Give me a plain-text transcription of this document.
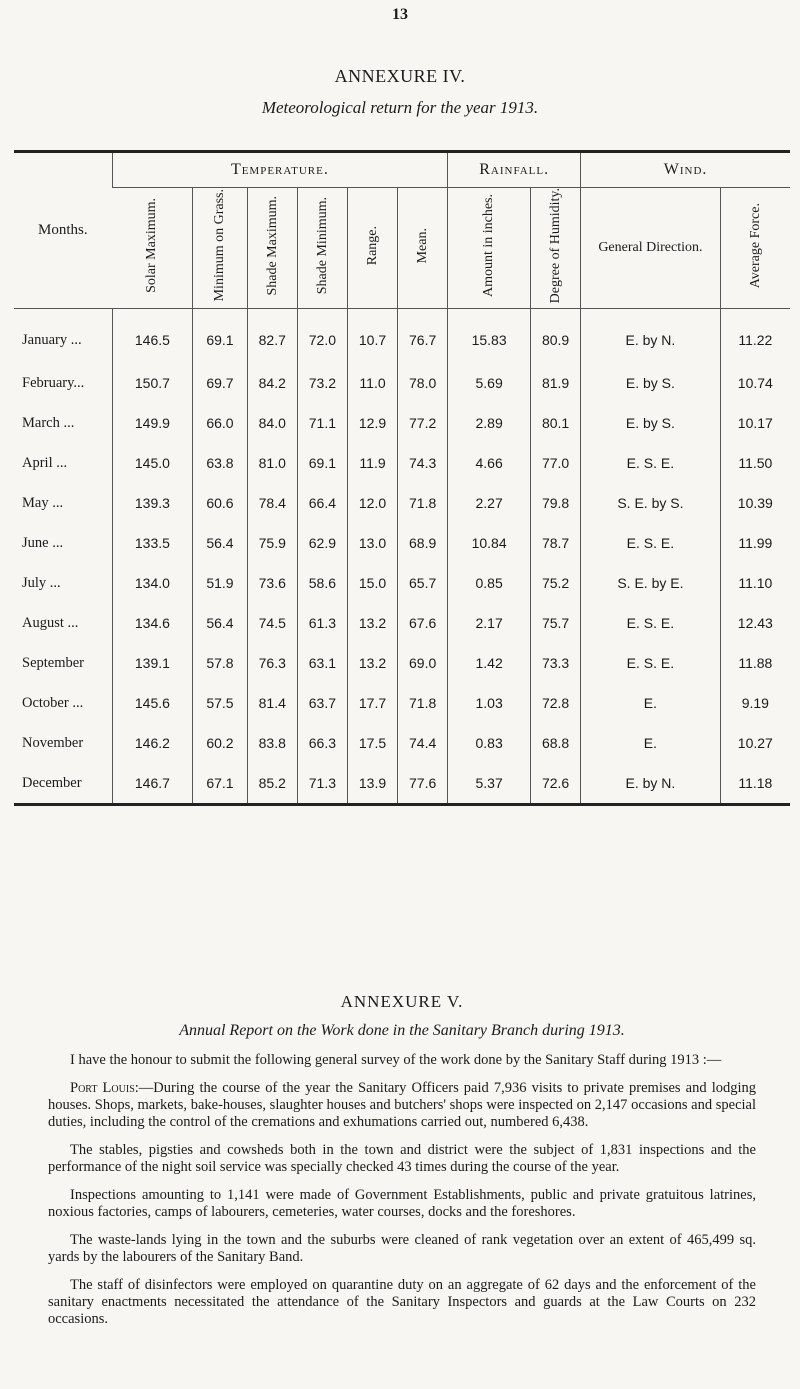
13
ANNEXURE IV.
Meteorological return for the year 1913.
Months.	Temperature.						Rainfall.		Wind.	
	Solar Maximum.	Minimum on Grass.	Shade Maximum.	Shade Minimum.	Range.	Mean.	Amount in inches.	Degree of Humidity.	General Direction.	Average Force.
January ...	146.5	69.1	82.7	72.0	10.7	76.7	15.83	80.9	E. by N.	11.22
February...	150.7	69.7	84.2	73.2	11.0	78.0	5.69	81.9	E. by S.	10.74
March ...	149.9	66.0	84.0	71.1	12.9	77.2	2.89	80.1	E. by S.	10.17
April ...	145.0	63.8	81.0	69.1	11.9	74.3	4.66	77.0	E. S. E.	11.50
May ...	139.3	60.6	78.4	66.4	12.0	71.8	2.27	79.8	S. E. by S.	10.39
June ...	133.5	56.4	75.9	62.9	13.0	68.9	10.84	78.7	E. S. E.	11.99
July ...	134.0	51.9	73.6	58.6	15.0	65.7	0.85	75.2	S. E. by E.	11.10
August ...	134.6	56.4	74.5	61.3	13.2	67.6	2.17	75.7	E. S. E.	12.43
September	139.1	57.8	76.3	63.1	13.2	69.0	1.42	73.3	E. S. E.	11.88
October ...	145.6	57.5	81.4	63.7	17.7	71.8	1.03	72.8	E.	9.19
November	146.2	60.2	83.8	66.3	17.5	74.4	0.83	68.8	E.	10.27
December	146.7	67.1	85.2	71.3	13.9	77.6	5.37	72.6	E. by N.	11.18
ANNEXURE V.
Annual Report on the Work done in the Sanitary Branch during 1913.

I have the honour to submit the following general survey of the work done by the Sanitary Staff during 1913 :—

Port Louis:—During the course of the year the Sanitary Officers paid 7,936 visits to private premises and lodging houses. Shops, markets, bake-houses, slaughter houses and butchers' shops were inspected on 2,147 occasions and special duties, including the control of the cremations and exhumations carried out, numbered 6,438.

The stables, pigsties and cowsheds both in the town and district were the subject of 1,831 inspections and the performance of the night soil service was specially checked 43 times during the course of the year.

Inspections amounting to 1,141 were made of Government Establishments, public and private gratuitous latrines, noxious factories, camps of labourers, cemeteries, water courses, docks and the foreshores.

The waste-lands lying in the town and the suburbs were cleaned of rank vegetation over an extent of 465,499 sq. yards by the labourers of the Sanitary Band.

The staff of disinfectors were employed on quarantine duty on an aggregate of 62 days and the enforcement of the sanitary enactments necessitated the attendance of the Sanitary Inspectors and guards at the Law Courts on 232 occasions.
